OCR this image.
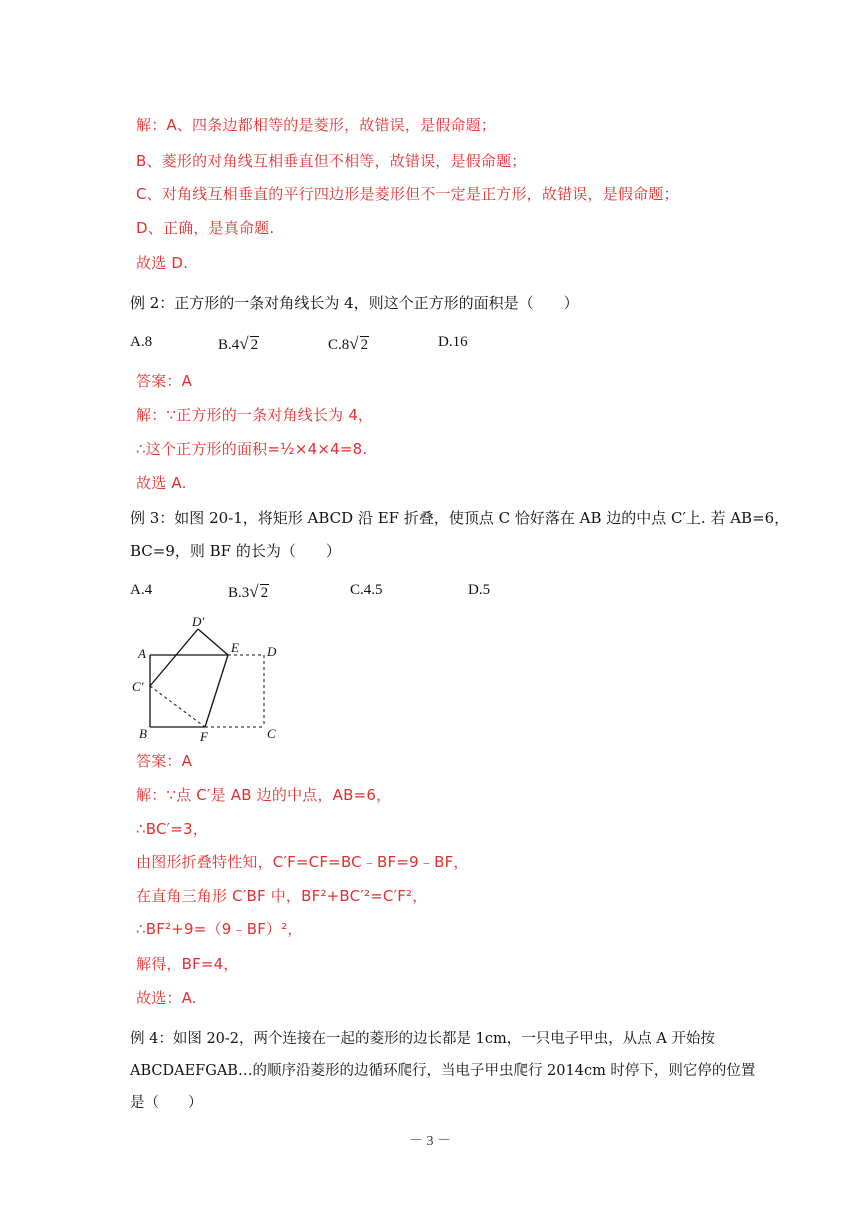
解：A、四条边都相等的是菱形，故错误，是假命题；
B、菱形的对角线互相垂直但不相等，故错误，是假命题；
C、对角线互相垂直的平行四边形是菱形但不一定是正方形，故错误，是假命题；
D、正确，是真命题.
故选 D.
例 2：正方形的一条对角线长为 4，则这个正方形的面积是（　　）
A.8	B.4√ 2	C.8√ 2	D.16
答案：A
解：∵正方形的一条对角线长为 4，
∴这个正方形的面积=½×4×4=8.
故选 A.
例 3：如图 20-1，将矩形 ABCD 沿 EF 折叠，使顶点 C 恰好落在 AB 边的中点 C′上. 若 AB=6，
BC=9，则 BF 的长为（　　）
A.4	B.3√ 2	C.4.5	D.5
A	E D
D′
C′
B	F	C
答案：A
解：∵点 C′是 AB 边的中点，AB=6，
∴BC′=3，
由图形折叠特性知，C′F=CF=BC﹣BF=9﹣BF，
在直角三角形 C′BF 中，BF²+BC′²=C′F²，
∴BF²+9=（9﹣BF）²，
解得，BF=4，
故选：A.
例 4：如图 20-2，两个连接在一起的菱形的边长都是 1cm，一只电子甲虫，从点 A 开始按
ABCDAEFGAB…的顺序沿菱形的边循环爬行，当电子甲虫爬行 2014cm 时停下，则它停的位置
是（　　）
－ 3 －
